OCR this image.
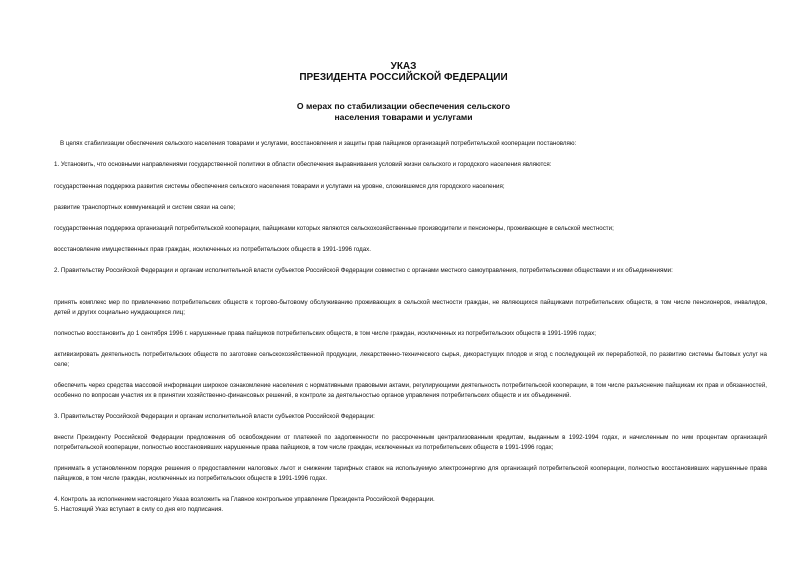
УКАЗ
ПРЕЗИДЕНТА РОССИЙСКОЙ ФЕДЕРАЦИИ
О мерах по стабилизации обеспечения сельского
населения товарами и услугами
В целях стабилизации обеспечения сельского населения товарами и услугами, восстановления и защиты прав пайщиков организаций потребительской кооперации постановляю:
1. Установить, что основными направлениями государственной политики в области обеспечения выравнивания условий жизни сельского и городского населения являются:
государственная поддержка развития системы обеспечения сельского населения товарами и услугами на уровне, сложившемся для городского населения;
развитие транспортных коммуникаций и систем связи на селе;
государственная поддержка организаций потребительской кооперации, пайщиками которых являются сельскохозяйственные производители и пенсионеры, проживающие в сельской местности;
восстановление имущественных прав граждан, исключенных из потребительских обществ в 1991-1996 годах.
2. Правительству Российской Федерации и органам исполнительной власти субъектов Российской Федерации совместно с органами местного самоуправления, потребительскими обществами и их объединениями:
принять комплекс мер по привлечению потребительских обществ к торгово-бытовому обслуживанию проживающих в сельской местности граждан, не являющихся пайщиками потребительских обществ, в том числе пенсионеров, инвалидов, детей и других социально нуждающихся лиц;
полностью восстановить до 1 сентября 1996 г. нарушенные права пайщиков потребительских обществ, в том числе граждан, исключенных из потребительских обществ в 1991-1996 годах;
активизировать деятельность потребительских обществ по заготовке сельскохозяйственной продукции, лекарственно-технического сырья, дикорастущих плодов и ягод с последующей их переработкой, по развитию системы бытовых услуг на селе;
обеспечить через средства массовой информации широкое ознакомление населения с нормативными правовыми актами, регулирующими деятельность потребительской кооперации, в том числе разъяснение пайщикам их прав и обязанностей, особенно по вопросам участия их в принятии хозяйственно-финансовых решений, в контроле за деятельностью органов управления потребительских обществ и их объединений.
3. Правительству Российской Федерации и органам исполнительной власти субъектов Российской Федерации:
внести Президенту Российской Федерации предложения об освобождении от платежей по задолженности по рассроченным централизованным кредитам, выданным в 1992-1994 годах, и начисленным по ним процентам организаций потребительской кооперации, полностью восстановивших нарушенные права пайщиков, в том числе граждан, исключенных из потребительских обществ в 1991-1996 годах;
принимать в установленном порядке решения о предоставлении налоговых льгот и снижении тарифных ставок на используемую электроэнергию для организаций потребительской кооперации, полностью восстановивших нарушенные права пайщиков, в том числе граждан, исключенных из потребительских обществ в 1991-1996 годах.
4. Контроль за исполнением настоящего Указа возложить на Главное контрольное управление Президента Российской Федерации.
5. Настоящий Указ вступает в силу со дня его подписания.
